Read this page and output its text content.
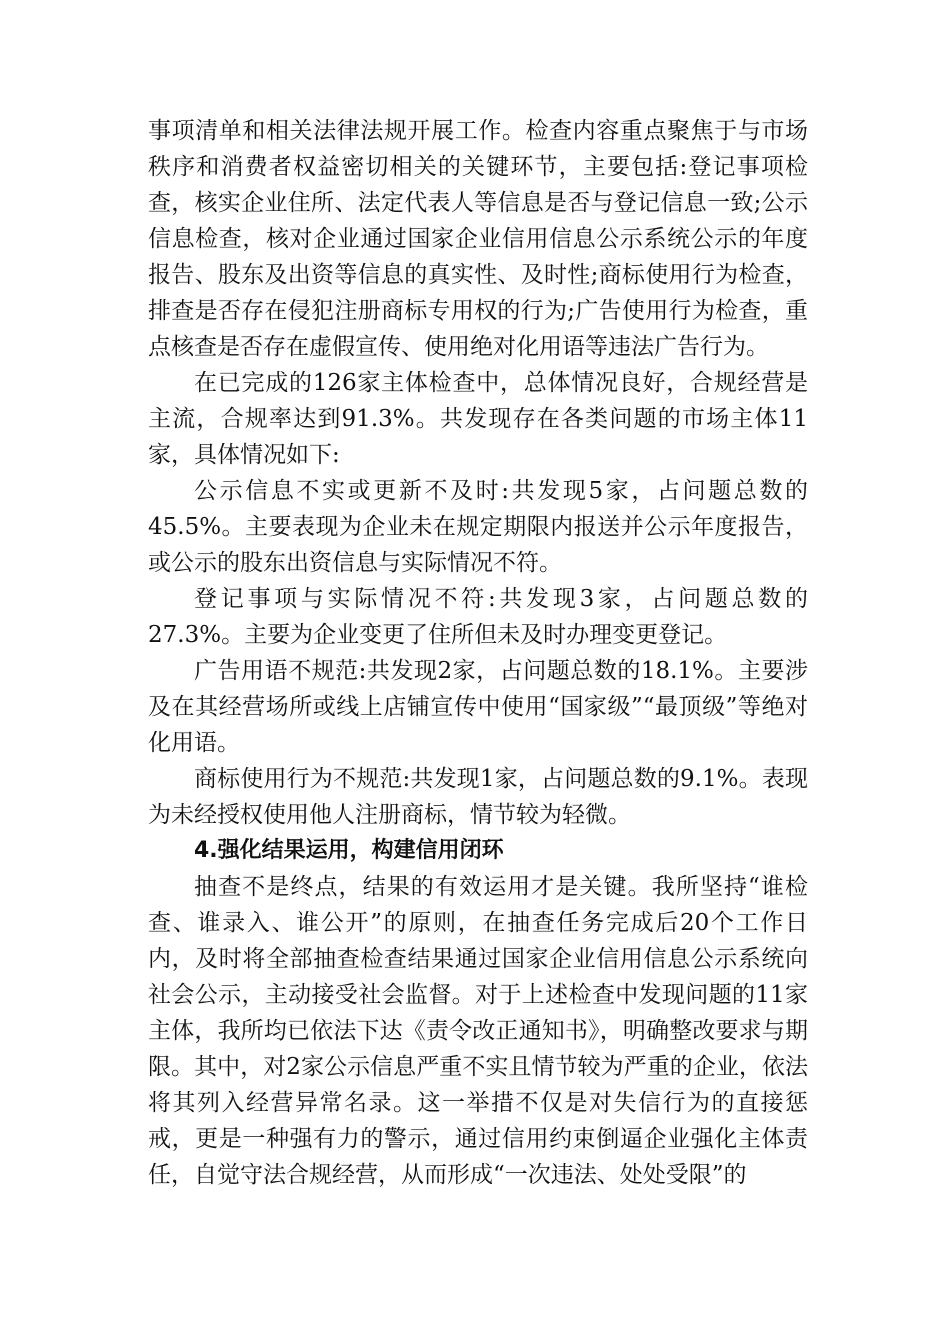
事项清单和相关法律法规开展工作。检查内容重点聚焦于与市场秩序和消费者权益密切相关的关键环节，主要包括:登记事项检查，核实企业住所、法定代表人等信息是否与登记信息一致;公示信息检查，核对企业通过国家企业信用信息公示系统公示的年度报告、股东及出资等信息的真实性、及时性;商标使用行为检查，排查是否存在侵犯注册商标专用权的行为;广告使用行为检查，重点核查是否存在虚假宣传、使用绝对化用语等违法广告行为。

在已完成的126家主体检查中，总体情况良好，合规经营是主流，合规率达到91.3%。共发现存在各类问题的市场主体11家，具体情况如下:

公示信息不实或更新不及时:共发现5家，占问题总数的45.5%。主要表现为企业未在规定期限内报送并公示年度报告，或公示的股东出资信息与实际情况不符。

登记事项与实际情况不符:共发现3家，占问题总数的27.3%。主要为企业变更了住所但未及时办理变更登记。

广告用语不规范:共发现2家，占问题总数的18.1%。主要涉及在其经营场所或线上店铺宣传中使用“国家级”“最顶级”等绝对化用语。

商标使用行为不规范:共发现1家，占问题总数的9.1%。表现为未经授权使用他人注册商标，情节较为轻微。

4.强化结果运用，构建信用闭环

抽查不是终点，结果的有效运用才是关键。我所坚持“谁检查、谁录入、谁公开”的原则，在抽查任务完成后20个工作日内，及时将全部抽查检查结果通过国家企业信用信息公示系统向社会公示，主动接受社会监督。对于上述检查中发现问题的11家主体，我所均已依法下达《责令改正通知书》，明确整改要求与期限。其中，对2家公示信息严重不实且情节较为严重的企业，依法将其列入经营异常名录。这一举措不仅是对失信行为的直接惩戒，更是一种强有力的警示，通过信用约束倒逼企业强化主体责任，自觉守法合规经营，从而形成“一次违法、处处受限”的
